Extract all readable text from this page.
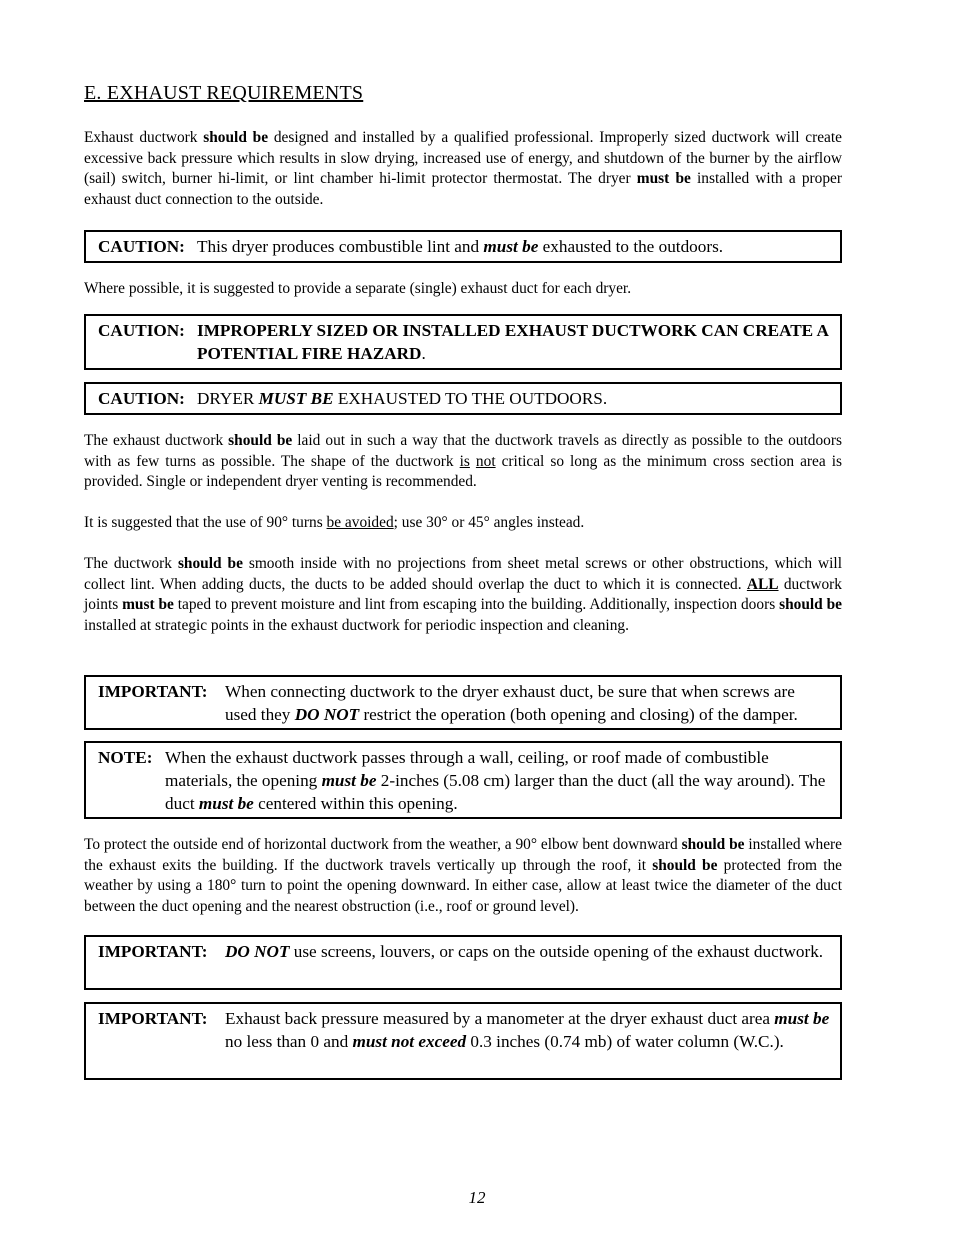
E. EXHAUST REQUIREMENTS

Exhaust ductwork should be designed and installed by a qualified professional. Improperly sized ductwork will create excessive back pressure which results in slow drying, increased use of energy, and shutdown of the burner by the airflow (sail) switch, burner hi-limit, or lint chamber hi-limit protector thermostat. The dryer must be installed with a proper exhaust duct connection to the outside.

CAUTION: This dryer produces combustible lint and must be exhausted to the outdoors.

Where possible, it is suggested to provide a separate (single) exhaust duct for each dryer.

CAUTION: IMPROPERLY SIZED OR INSTALLED EXHAUST DUCTWORK CAN CREATE A POTENTIAL FIRE HAZARD.
CAUTION: DRYER MUST BE EXHAUSTED TO THE OUTDOORS.

The exhaust ductwork should be laid out in such a way that the ductwork travels as directly as possible to the outdoors with as few turns as possible. The shape of the ductwork is not critical so long as the minimum cross section area is provided. Single or independent dryer venting is recommended.

It is suggested that the use of 90° turns be avoided; use 30° or 45° angles instead.

The ductwork should be smooth inside with no projections from sheet metal screws or other obstructions, which will collect lint. When adding ducts, the ducts to be added should overlap the duct to which it is connected. ALL ductwork joints must be taped to prevent moisture and lint from escaping into the building. Additionally, inspection doors should be installed at strategic points in the exhaust ductwork for periodic inspection and cleaning.

IMPORTANT:	When connecting ductwork to the dryer exhaust duct, be sure that when screws are used they DO NOT restrict the operation (both opening and closing) of the damper.
NOTE: When the exhaust ductwork passes through a wall, ceiling, or roof made of combustible materials, the opening must be 2-inches (5.08 cm) larger than the duct (all the way around). The duct must be centered within this opening.

To protect the outside end of horizontal ductwork from the weather, a 90° elbow bent downward should be installed where the exhaust exits the building. If the ductwork travels vertically up through the roof, it should be protected from the weather by using a 180° turn to point the opening downward. In either case, allow at least twice the diameter of the duct between the duct opening and the nearest obstruction (i.e., roof or ground level).

IMPORTANT:	DO NOT use screens, louvers, or caps on the outside opening of the exhaust ductwork.
IMPORTANT:	Exhaust back pressure measured by a manometer at the dryer exhaust duct area must be no less than 0 and must not exceed 0.3 inches (0.74 mb) of water column (W.C.).
12
